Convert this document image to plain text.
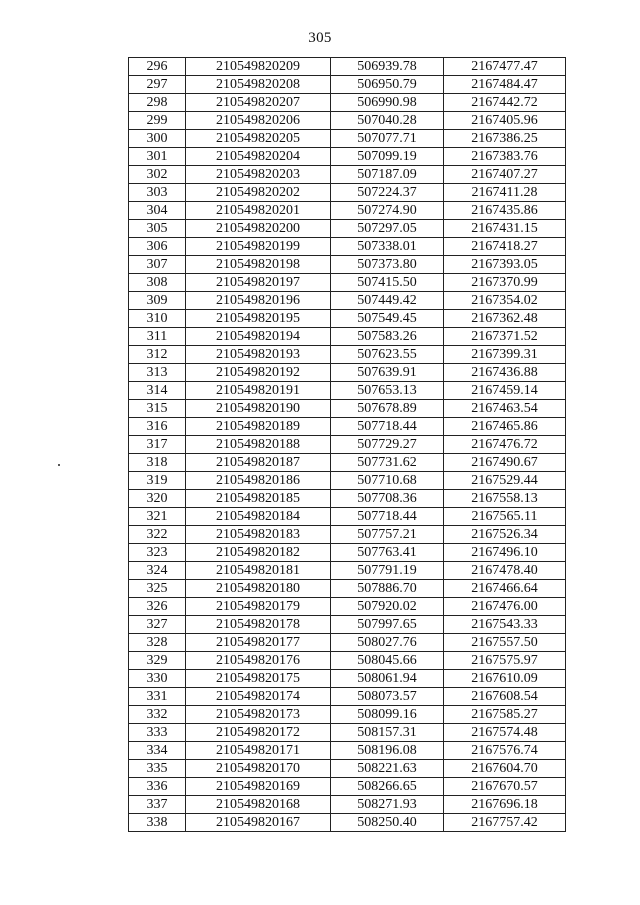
305
296	210549820209	506939.78	2167477.47
297	210549820208	506950.79	2167484.47
298	210549820207	506990.98	2167442.72
299	210549820206	507040.28	2167405.96
300	210549820205	507077.71	2167386.25
301	210549820204	507099.19	2167383.76
302	210549820203	507187.09	2167407.27
303	210549820202	507224.37	2167411.28
304	210549820201	507274.90	2167435.86
305	210549820200	507297.05	2167431.15
306	210549820199	507338.01	2167418.27
307	210549820198	507373.80	2167393.05
308	210549820197	507415.50	2167370.99
309	210549820196	507449.42	2167354.02
310	210549820195	507549.45	2167362.48
311	210549820194	507583.26	2167371.52
312	210549820193	507623.55	2167399.31
313	210549820192	507639.91	2167436.88
314	210549820191	507653.13	2167459.14
315	210549820190	507678.89	2167463.54
316	210549820189	507718.44	2167465.86
317	210549820188	507729.27	2167476.72
318	210549820187	507731.62	2167490.67
319	210549820186	507710.68	2167529.44
320	210549820185	507708.36	2167558.13
321	210549820184	507718.44	2167565.11
322	210549820183	507757.21	2167526.34
323	210549820182	507763.41	2167496.10
324	210549820181	507791.19	2167478.40
325	210549820180	507886.70	2167466.64
326	210549820179	507920.02	2167476.00
327	210549820178	507997.65	2167543.33
328	210549820177	508027.76	2167557.50
329	210549820176	508045.66	2167575.97
330	210549820175	508061.94	2167610.09
331	210549820174	508073.57	2167608.54
332	210549820173	508099.16	2167585.27
333	210549820172	508157.31	2167574.48
334	210549820171	508196.08	2167576.74
335	210549820170	508221.63	2167604.70
336	210549820169	508266.65	2167670.57
337	210549820168	508271.93	2167696.18
338	210549820167	508250.40	2167757.42
